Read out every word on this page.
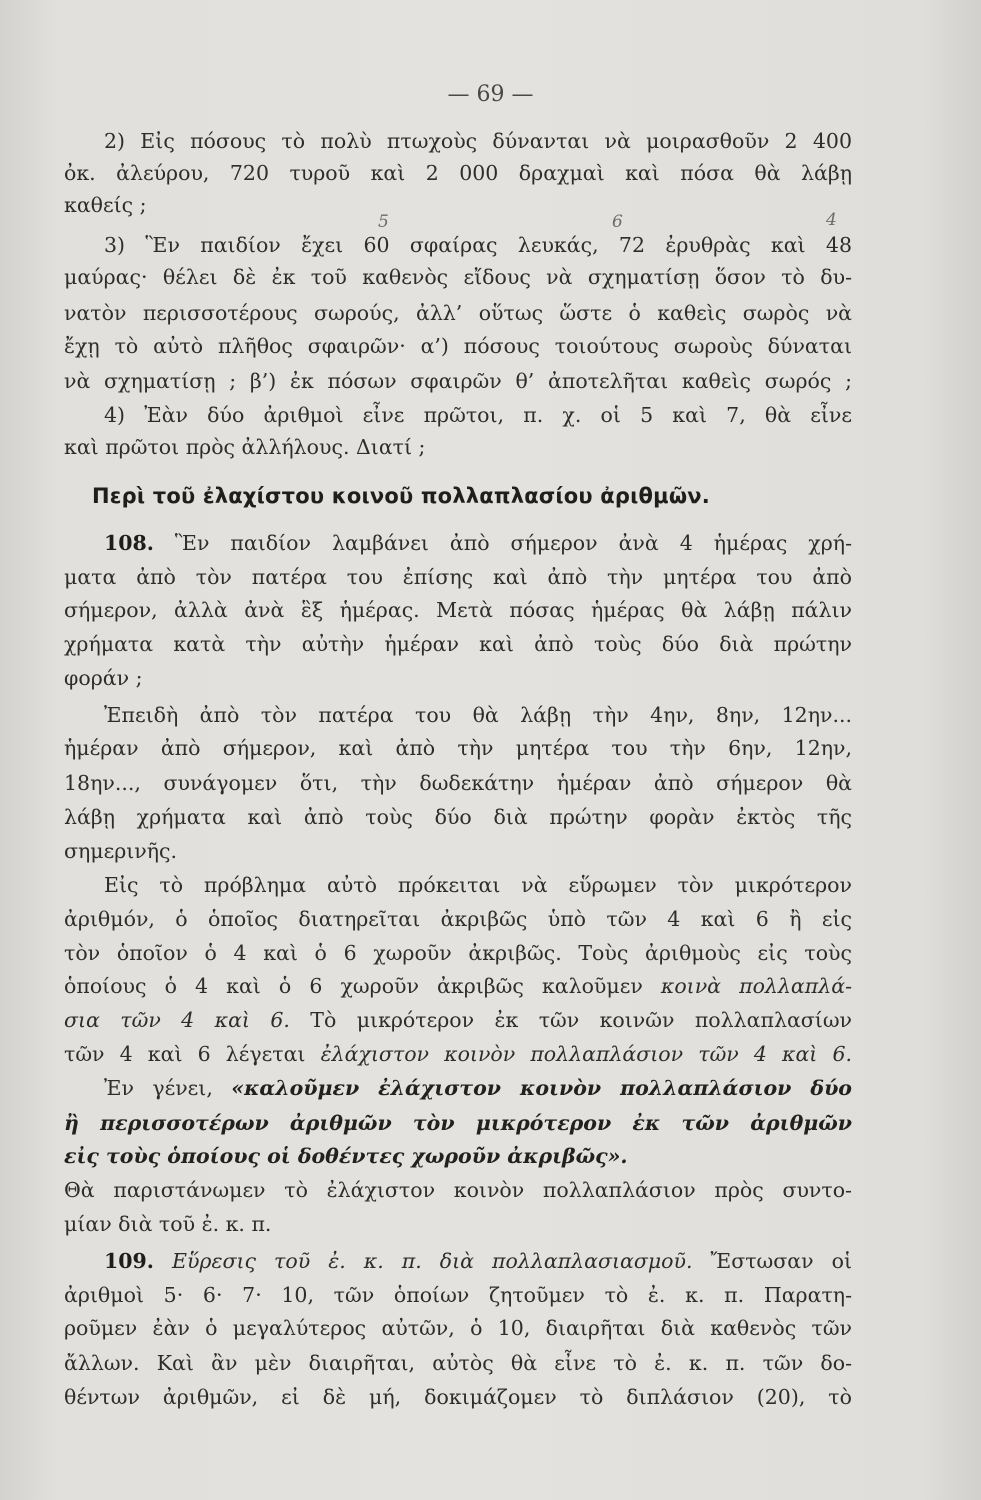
— 69 —
5	6	4
2) Εἰς πόσους τὸ πολὺ πτωχοὺς δύνανται νὰ μοιρασθοῦν 2 400
ὀκ. ἀλεύρου, 720 τυροῦ καὶ 2 000 δραχμαὶ καὶ πόσα θὰ λάβῃ
καθείς ;
3) Ἓν παιδίον ἔχει 60 σφαίρας λευκάς, 72 ἐρυθρὰς καὶ 48
μαύρας· θέλει δὲ ἐκ τοῦ καθενὸς εἴδους νὰ σχηματίσῃ ὅσον τὸ δυ-
νατὸν περισσοτέρους σωρούς, ἀλλ’ οὕτως ὥστε ὁ καθεὶς σωρὸς νὰ
ἔχῃ τὸ αὐτὸ πλῆθος σφαιρῶν· α’) πόσους τοιούτους σωροὺς δύναται
νὰ σχηματίσῃ ; β’) ἐκ πόσων σφαιρῶν θ’ ἀποτελῆται καθεὶς σωρός ;
4) Ἐὰν δύο ἀριθμοὶ εἶνε πρῶτοι, π. χ. οἱ 5 καὶ 7, θὰ εἶνε
καὶ πρῶτοι πρὸς ἀλλήλους. Διατί ;
Περὶ τοῦ ἐλαχίστου κοινοῦ πολλαπλασίου ἀριθμῶν.
108. Ἓν παιδίον λαμβάνει ἀπὸ σήμερον ἀνὰ 4 ἡμέρας χρή-
ματα ἀπὸ τὸν πατέρα του ἐπίσης καὶ ἀπὸ τὴν μητέρα του ἀπὸ
σήμερον, ἀλλὰ ἀνὰ ἓξ ἡμέρας. Μετὰ πόσας ἡμέρας θὰ λάβῃ πάλιν
χρήματα κατὰ τὴν αὐτὴν ἡμέραν καὶ ἀπὸ τοὺς δύο διὰ πρώτην
φοράν ;
Ἐπειδὴ ἀπὸ τὸν πατέρα του θὰ λάβῃ τὴν 4ην, 8ην, 12ην...
ἡμέραν ἀπὸ σήμερον, καὶ ἀπὸ τὴν μητέρα του τὴν 6ην, 12ην,
18ην..., συνάγομεν ὅτι, τὴν δωδεκάτην ἡμέραν ἀπὸ σήμερον θὰ
λάβῃ χρήματα καὶ ἀπὸ τοὺς δύο διὰ πρώτην φορὰν ἐκτὸς τῆς
σημερινῆς.
Εἰς τὸ πρόβλημα αὐτὸ πρόκειται νὰ εὕρωμεν τὸν μικρότερον
ἀριθμόν, ὁ ὁποῖος διατηρεῖται ἀκριβῶς ὑπὸ τῶν 4 καὶ 6 ἢ εἰς
τὸν ὁποῖον ὁ 4 καὶ ὁ 6 χωροῦν ἀκριβῶς. Τοὺς ἀριθμοὺς εἰς τοὺς
ὁποίους ὁ 4 καὶ ὁ 6 χωροῦν ἀκριβῶς καλοῦμεν κοινὰ πολλαπλά-
σια τῶν 4 καὶ 6. Τὸ μικρότερον ἐκ τῶν κοινῶν πολλαπλασίων
τῶν 4 καὶ 6 λέγεται ἐλάχιστον κοινὸν πολλαπλάσιον τῶν 4 καὶ 6.
Ἐν γένει, «καλοῦμεν ἐλάχιστον κοινὸν πολλαπλάσιον δύο
ἢ περισσοτέρων ἀριθμῶν τὸν μικρότερον ἐκ τῶν ἀριθμῶν
εἰς τοὺς ὁποίους οἱ δοθέντες χωροῦν ἀκριβῶς».
Θὰ παριστάνωμεν τὸ ἐλάχιστον κοινὸν πολλαπλάσιον πρὸς συντο-
μίαν διὰ τοῦ ἐ. κ. π.
109. Εὕρεσις τοῦ ἐ. κ. π. διὰ πολλαπλασιασμοῦ. Ἔστωσαν οἱ
ἀριθμοὶ 5· 6· 7· 10, τῶν ὁποίων ζητοῦμεν τὸ ἐ. κ. π. Παρατη-
ροῦμεν ἐὰν ὁ μεγαλύτερος αὐτῶν, ὁ 10, διαιρῆται διὰ καθενὸς τῶν
ἄλλων. Καὶ ἂν μὲν διαιρῆται, αὐτὸς θὰ εἶνε τὸ ἐ. κ. π. τῶν δο-
θέντων ἀριθμῶν, εἰ δὲ μή, δοκιμάζομεν τὸ διπλάσιον (20), τὸ
